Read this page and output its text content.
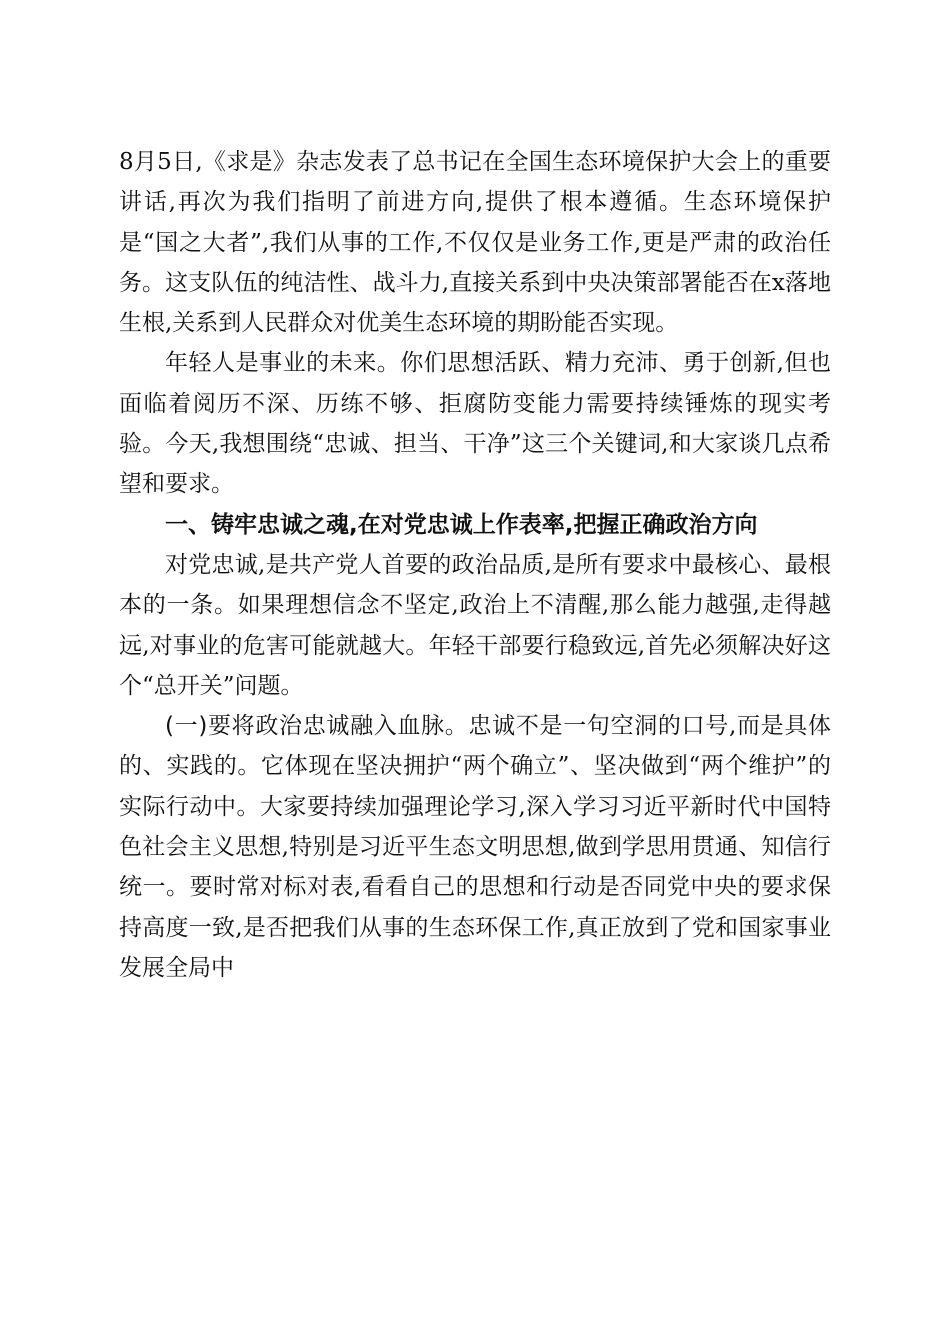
8月5日,《求是》杂志发表了总书记在全国生态环境保护大会上的重要讲话,再次为我们指明了前进方向,提供了根本遵循。生态环境保护是“国之大者”,我们从事的工作,不仅仅是业务工作,更是严肃的政治任务。这支队伍的纯洁性、战斗力,直接关系到中央决策部署能否在x落地生根,关系到人民群众对优美生态环境的期盼能否实现。

年轻人是事业的未来。你们思想活跃、精力充沛、勇于创新,但也面临着阅历不深、历练不够、拒腐防变能力需要持续锤炼的现实考验。今天,我想围绕“忠诚、担当、干净”这三个关键词,和大家谈几点希望和要求。

一、铸牢忠诚之魂,在对党忠诚上作表率,把握正确政治方向

对党忠诚,是共产党人首要的政治品质,是所有要求中最核心、最根本的一条。如果理想信念不坚定,政治上不清醒,那么能力越强,走得越远,对事业的危害可能就越大。年轻干部要行稳致远,首先必须解决好这个“总开关”问题。

(一)要将政治忠诚融入血脉。忠诚不是一句空洞的口号,而是具体的、实践的。它体现在坚决拥护“两个确立”、坚决做到“两个维护”的实际行动中。大家要持续加强理论学习,深入学习习近平新时代中国特色社会主义思想,特别是习近平生态文明思想,做到学思用贯通、知信行统一。要时常对标对表,看看自己的思想和行动是否同党中央的要求保持高度一致,是否把我们从事的生态环保工作,真正放到了党和国家事业发展全局中
